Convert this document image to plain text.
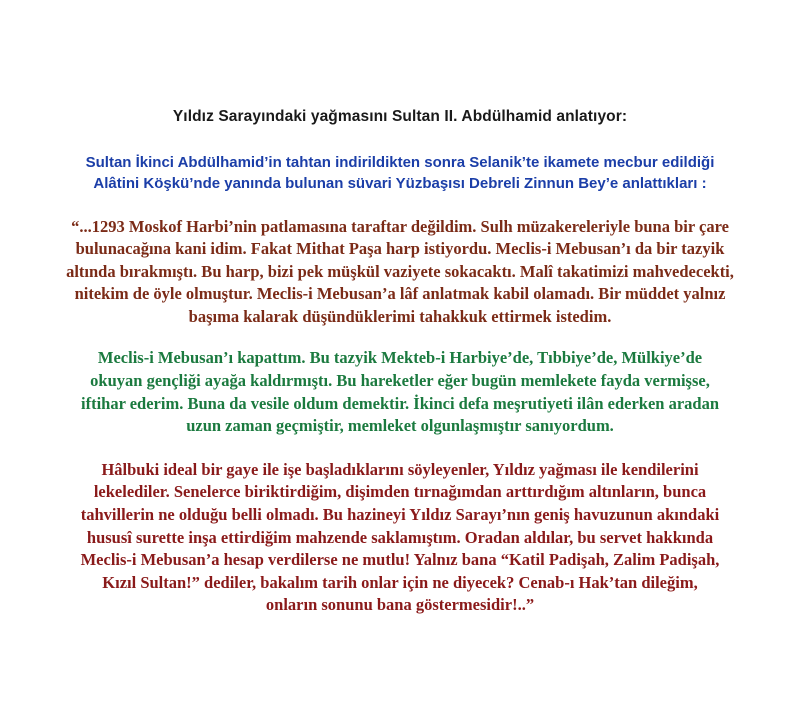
Yıldız Sarayındaki yağmasını Sultan II. Abdülhamid anlatıyor:
Sultan İkinci Abdülhamid’in tahtan indirildikten sonra Selanik’te ikamete mecbur edildiği Alâtini Köşkü’nde yanında bulunan süvari Yüzbaşısı Debreli Zinnun Bey’e anlattıkları :
“...1293 Moskof Harbi’nin patlamasına taraftar değildim. Sulh müzakereleriyle buna bir çare bulunacağına kani idim. Fakat Mithat Paşa harp istiyordu. Meclis-i Mebusan’ı da bir tazyik altında bırakmıştı. Bu harp, bizi pek müşkül vaziyete sokacaktı. Malî takatimizi mahvedecekti, nitekim de öyle olmuştur. Meclis-i Mebusan’a lâf anlatmak kabil olamadı. Bir müddet yalnız başıma kalarak düşündüklerimi tahakkuk ettirmek istedim.
Meclis-i Mebusan’ı kapattım. Bu tazyik Mekteb-i Harbiye’de, Tıbbiye’de, Mülkiye’de okuyan gençliği ayağa kaldırmıştı. Bu hareketler eğer bugün memlekete fayda vermişse, iftihar ederim. Buna da vesile oldum demektir. İkinci defa meşrutiyeti ilân ederken aradan uzun zaman geçmiştir, memleket olgunlaşmıştır sanıyordum.
Hâlbuki ideal bir gaye ile işe başladıklarını söyleyenler, Yıldız yağması ile kendilerini lekelediler. Senelerce biriktirdiğim, dişimden tırnağımdan arttırdığım altınların, bunca tahvillerin ne olduğu belli olmadı. Bu hazineyi Yıldız Sarayı’nın geniş havuzunun akındaki hususî surette inşa ettirdiğim mahzende saklamıştım. Oradan aldılar, bu servet hakkında Meclis-i Mebusan’a hesap verdilerse ne mutlu! Yalnız bana “Katil Padişah, Zalim Padişah, Kızıl Sultan!” dediler, bakalım tarih onlar için ne diyecek? Cenab-ı Hak’tan dileğim, onların sonunu bana göstermesidir!..”
